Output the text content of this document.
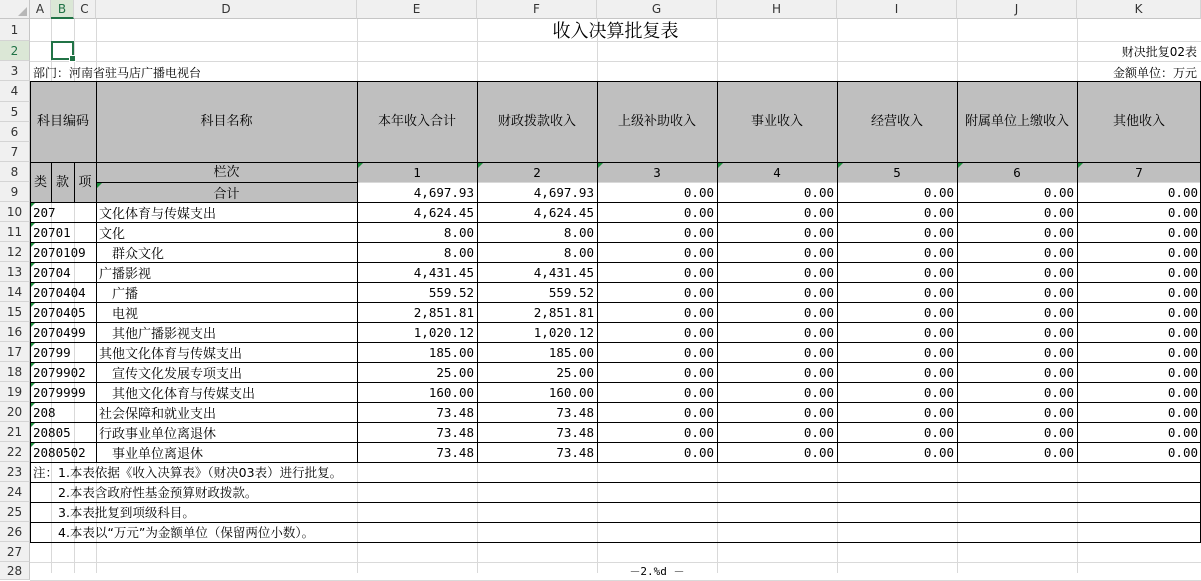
A	B	C	D	E	F	G	H	I	J	K
1
2
3
4
5
6
7
8
9
10
11
12
13
14
15
16
17
18
19
20
21
22
23
24
25
26
27
28
收入决算批复表
财决批复02表
部门：河南省驻马店广播电视台	金额单位：万元
科目编码	科目名称	本年收入合计	财政拨款收入	上级补助收入	事业收入	经营收入	附属单位上缴收入	其他收入
类 款 项
栏次	1	2	3	4	5	6	7
合计	4,697.93	4,697.93	0.00	0.00	0.00	0.00	0.00
207	文化体育与传媒支出	4,624.45	4,624.45	0.00	0.00	0.00	0.00	0.00
20701	文化	8.00	8.00	0.00	0.00	0.00	0.00	0.00
2070109	　群众文化	8.00	8.00	0.00	0.00	0.00	0.00	0.00
20704	广播影视	4,431.45	4,431.45	0.00	0.00	0.00	0.00	0.00
2070404	　广播	559.52	559.52	0.00	0.00	0.00	0.00	0.00
2070405	　电视	2,851.81	2,851.81	0.00	0.00	0.00	0.00	0.00
2070499	　其他广播影视支出	1,020.12	1,020.12	0.00	0.00	0.00	0.00	0.00
20799	其他文化体育与传媒支出	185.00	185.00	0.00	0.00	0.00	0.00	0.00
2079902	　宣传文化发展专项支出	25.00	25.00	0.00	0.00	0.00	0.00	0.00
2079999	　其他文化体育与传媒支出	160.00	160.00	0.00	0.00	0.00	0.00	0.00
208	社会保障和就业支出	73.48	73.48	0.00	0.00	0.00	0.00	0.00
20805	行政事业单位离退休	73.48	73.48	0.00	0.00	0.00	0.00	0.00
2080502	　事业单位离退休	73.48	73.48	0.00	0.00	0.00	0.00	0.00
注：1.本表依据《收入决算表》（财决03表）进行批复。
　　2.本表含政府性基金预算财政拨款。
　　3.本表批复到项级科目。
　　4.本表以“万元”为金额单位（保留两位小数）。
－2.%d －
